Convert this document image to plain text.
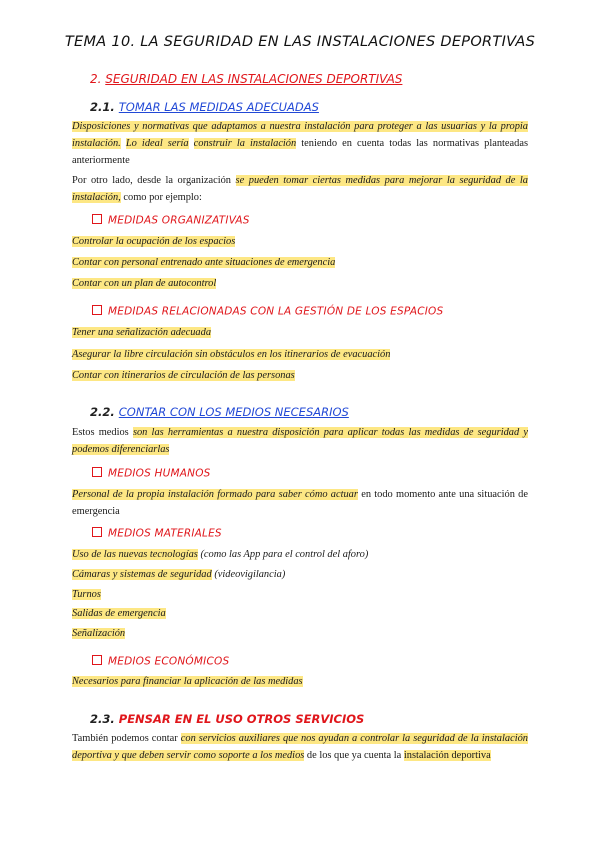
TEMA 10. LA SEGURIDAD EN LAS INSTALACIONES DEPORTIVAS
2. SEGURIDAD EN LAS INSTALACIONES DEPORTIVAS
2.1. TOMAR LAS MEDIDAS ADECUADAS

Disposiciones y normativas que adaptamos a nuestra instalación para proteger a las usuarias y la propia instalación. Lo ideal sería construir la instalación teniendo en cuenta todas las normativas planteadas anteriormente

Por otro lado, desde la organización se pueden tomar ciertas medidas para mejorar la seguridad de la instalación, como por ejemplo:

MEDIDAS ORGANIZATIVAS
Controlar la ocupación de los espacios
Contar con personal entrenado ante situaciones de emergencia
Contar con un plan de autocontrol
MEDIDAS RELACIONADAS CON LA GESTIÓN DE LOS ESPACIOS
Tener una señalización adecuada
Asegurar la libre circulación sin obstáculos en los itinerarios de evacuación
Contar con itinerarios de circulación de las personas
2.2. CONTAR CON LOS MEDIOS NECESARIOS

Estos medios son las herramientas a nuestra disposición para aplicar todas las medidas de seguridad y podemos diferenciarlas

MEDIOS HUMANOS

Personal de la propia instalación formado para saber cómo actuar en todo momento ante una situación de emergencia

MEDIOS MATERIALES
Uso de las nuevas tecnologías (como las App para el control del aforo)
Cámaras y sistemas de seguridad (videovigilancia)
Turnos
Salidas de emergencia
Señalización
MEDIOS ECONÓMICOS
Necesarios para financiar la aplicación de las medidas
2.3. PENSAR EN EL USO OTROS SERVICIOS

También podemos contar con servicios auxiliares que nos ayudan a controlar la seguridad de la instalación deportiva y que deben servir como soporte a los medios de los que ya cuenta la instalación deportiva
